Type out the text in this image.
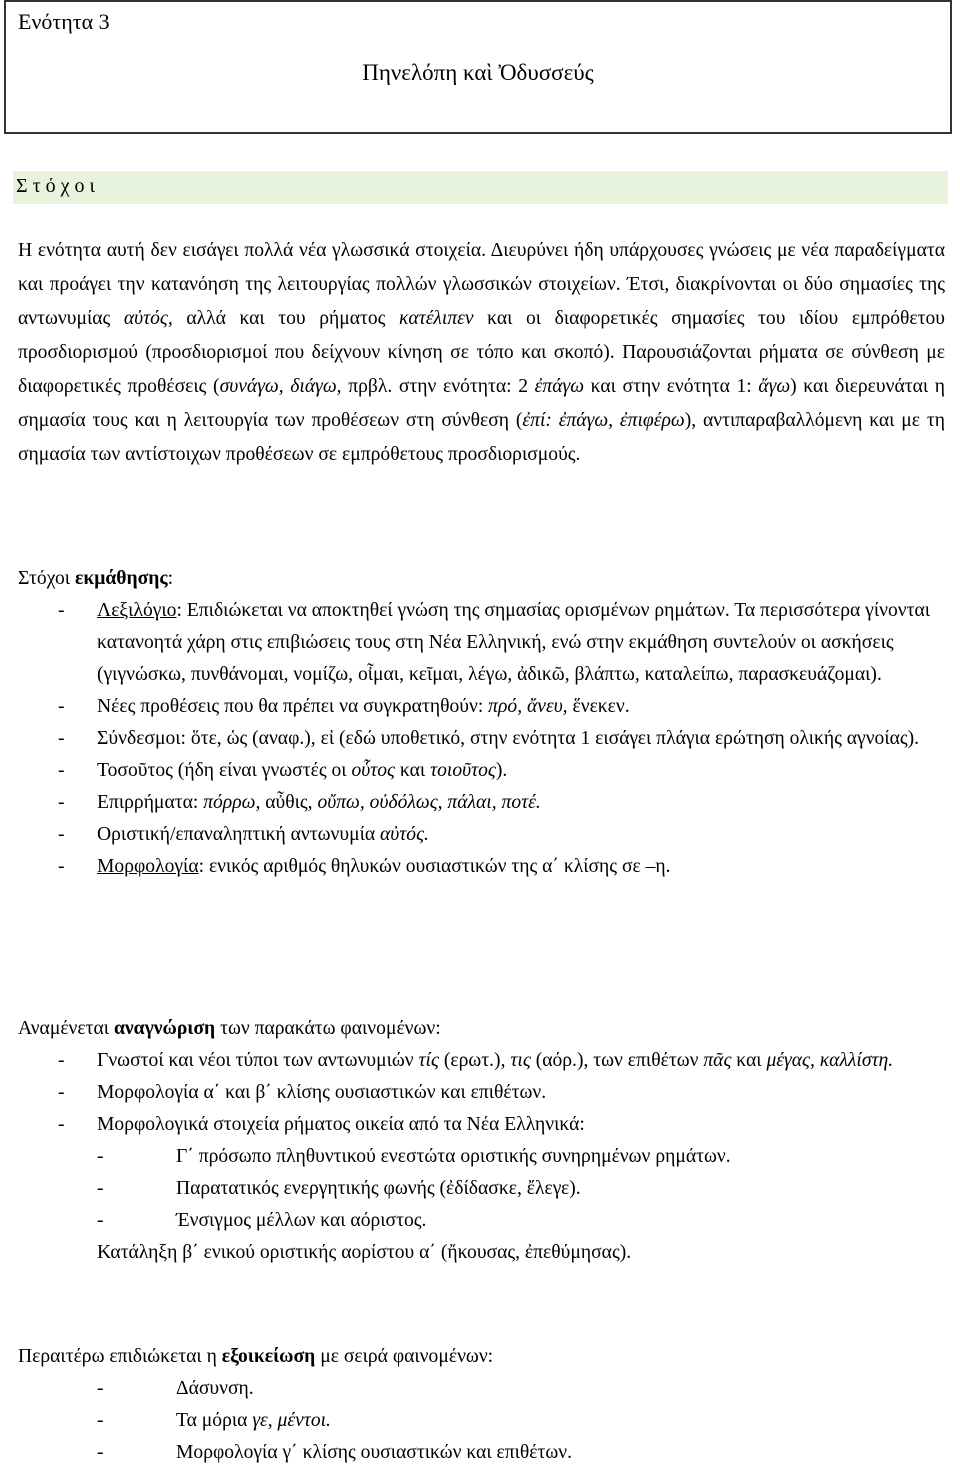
Ενότητα 3
Πηνελόπη καὶ Ὀδυσσεύς
Σ τ ό χ ο ι

Η ενότητα αυτή δεν εισάγει πολλά νέα γλωσσικά στοιχεία. Διευρύνει ήδη υπάρχουσες γνώσεις με νέα παραδείγματα και προάγει την κατανόηση της λειτουργίας πολλών γλωσσικών στοιχείων. Έτσι, διακρίνονται οι δύο σημασίες της αντωνυμίας αὐτός, αλλά και του ρήματος κατέλιπεν και οι διαφορετικές σημασίες του ιδίου εμπρόθετου προσδιορισμού (προσδιορισμοί που δείχνουν κίνηση σε τόπο και σκοπό). Παρουσιάζονται ρήματα σε σύνθεση με διαφορετικές προθέσεις (συνάγω, διάγω, πρβλ. στην ενότητα: 2 ἐπάγω και στην ενότητα 1: ἄγω) και διερευνάται η σημασία τους και η λειτουργία των προθέσεων στη σύνθεση (ἐπί: ἐπάγω, ἐπιφέρω), αντιπαραβαλλόμενη και με τη σημασία των αντίστοιχων προθέσεων σε εμπρόθετους προσδιορισμούς.

Στόχοι εκμάθησης:

- Λεξιλόγιο: Επιδιώκεται να αποκτηθεί γνώση της σημασίας ορισμένων ρημάτων. Τα περισσότερα γίνονται κατανοητά χάρη στις επιβιώσεις τους στη Νέα Ελληνική, ενώ στην εκμάθηση συντελούν οι ασκήσεις (γιγνώσκω, πυνθάνομαι, νομίζω, οἶμαι, κεῖμαι, λέγω, ἀδικῶ, βλάπτω, καταλείπω, παρασκευάζομαι).
- Νέες προθέσεις που θα πρέπει να συγκρατηθούν: πρό, ἄνευ, ἕνεκεν.
- Σύνδεσμοι: ὅτε, ὡς (αναφ.), εἰ (εδώ υποθετικό, στην ενότητα 1 εισάγει πλάγια ερώτηση ολικής αγνοίας).
- Τοσοῦτος (ήδη είναι γνωστές οι οὗτος και τοιοῦτος).
- Επιρρήματα: πόρρω, αὖθις, οὔπω, οὐδόλως, πάλαι, ποτέ.
- Οριστική/επαναληπτική αντωνυμία αὐτός.
- Μορφολογία: ενικός αριθμός θηλυκών ουσιαστικών της α΄ κλίσης σε –η.

Αναμένεται αναγνώριση των παρακάτω φαινομένων:

- Γνωστοί και νέοι τύποι των αντωνυμιών τίς (ερωτ.), τις (αόρ.), των επιθέτων πᾶς και μέγας, καλλίστη.
- Μορφολογία α΄ και β΄ κλίσης ουσιαστικών και επιθέτων.
- Μορφολογικά στοιχεία ρήματος οικεία από τα Νέα Ελληνικά:
-	Γ΄ πρόσωπο πληθυντικού ενεστώτα οριστικής συνηρημένων ρημάτων.
-	Παρατατικός ενεργητικής φωνής (ἐδίδασκε, ἔλεγε).
-	Ένσιγμος μέλλων και αόριστος.
Κατάληξη β΄ ενικού οριστικής αορίστου α΄ (ἤκουσας, ἐπεθύμησας).

Περαιτέρω επιδιώκεται η εξοικείωση με σειρά φαινομένων:

-	Δάσυνση.
-	Τα μόρια γε, μέντοι.
-	Μορφολογία γ΄ κλίσης ουσιαστικών και επιθέτων.
